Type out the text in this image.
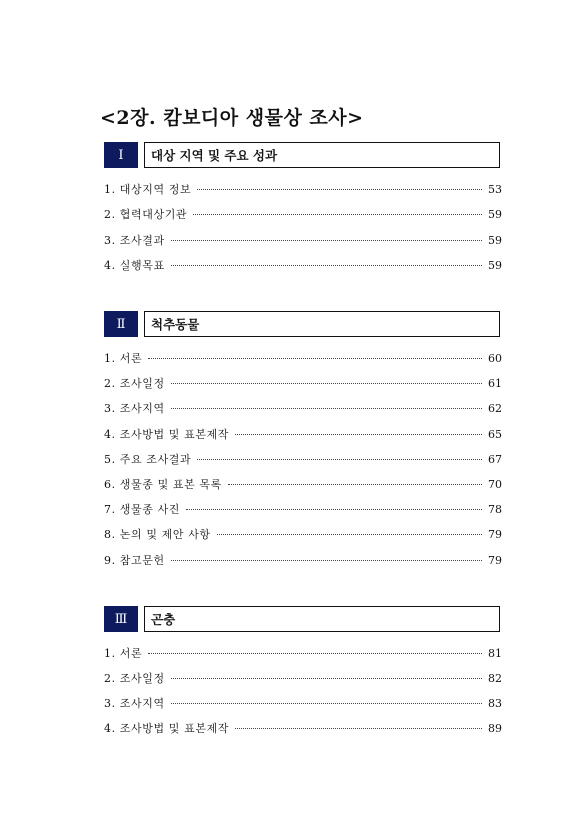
<2장. 캄보디아 생물상 조사>
Ⅰ	대상 지역 및 주요 성과
1. 대상지역 정보	53
2. 협력대상기관	59
3. 조사결과	59
4. 실행목표	59
Ⅱ	척추동물
1. 서론	60
2. 조사일정	61
3. 조사지역	62
4. 조사방법 및 표본제작	65
5. 주요 조사결과	67
6. 생물종 및 표본 목록	70
7. 생물종 사진	78
8. 논의 및 제안 사항	79
9. 참고문헌	79
Ⅲ	곤충
1. 서론	81
2. 조사일정	82
3. 조사지역	83
4. 조사방법 및 표본제작	89
